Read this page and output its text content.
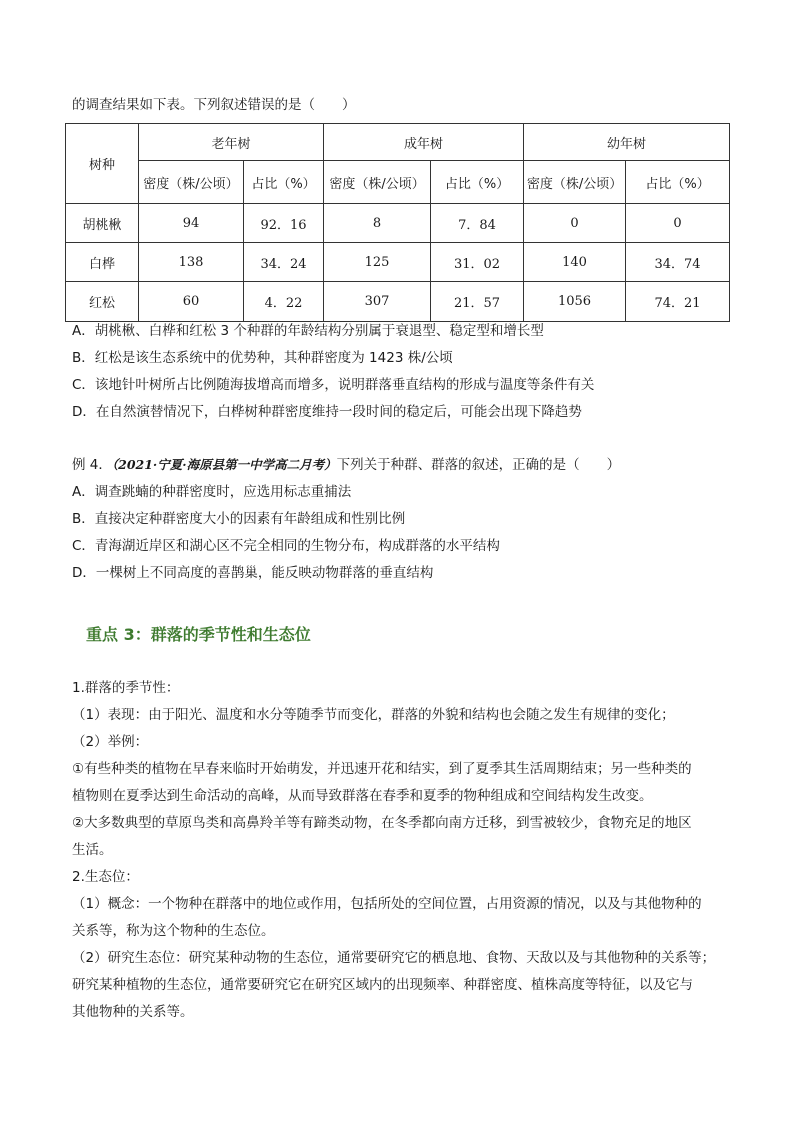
的调查结果如下表。下列叙述错误的是（　　）
树种	老年树		成年树		幼年树	
	密度（株/公顷）	占比（%）	密度（株/公顷）	占比（%）	密度（株/公顷）	占比（%）
胡桃楸	94	92．16	8	7．84	0	0
白桦	138	34．24	125	31．02	140	34．74
红松	60	4．22	307	21．57	1056	74．21
A．胡桃楸、白桦和红松 3 个种群的年龄结构分别属于衰退型、稳定型和增长型
B．红松是该生态系统中的优势种，其种群密度为 1423 株/公顷
C．该地针叶树所占比例随海拔增高而增多，说明群落垂直结构的形成与温度等条件有关
D．在自然演替情况下，白桦树种群密度维持一段时间的稳定后，可能会出现下降趋势
例 4．（2021·宁夏·海原县第一中学高二月考）下列关于种群、群落的叙述，正确的是（　　）
A．调查跳蝻的种群密度时，应选用标志重捕法
B．直接决定种群密度大小的因素有年龄组成和性别比例
C．青海湖近岸区和湖心区不完全相同的生物分布，构成群落的水平结构
D．一棵树上不同高度的喜鹊巢，能反映动物群落的垂直结构
重点 3：群落的季节性和生态位
1.群落的季节性：
（1）表现：由于阳光、温度和水分等随季节而变化，群落的外貌和结构也会随之发生有规律的变化；
（2）举例：
①有些种类的植物在早春来临时开始萌发，并迅速开花和结实，到了夏季其生活周期结束；另一些种类的
植物则在夏季达到生命活动的高峰，从而导致群落在春季和夏季的物种组成和空间结构发生改变。
②大多数典型的草原鸟类和高鼻羚羊等有蹄类动物，在冬季都向南方迁移，到雪被较少，食物充足的地区
生活。
2.生态位：
（1）概念：一个物种在群落中的地位或作用，包括所处的空间位置，占用资源的情况，以及与其他物种的
关系等，称为这个物种的生态位。
（2）研究生态位：研究某种动物的生态位，通常要研究它的栖息地、食物、天敌以及与其他物种的关系等；
研究某种植物的生态位，通常要研究它在研究区域内的出现频率、种群密度、植株高度等特征，以及它与
其他物种的关系等。
